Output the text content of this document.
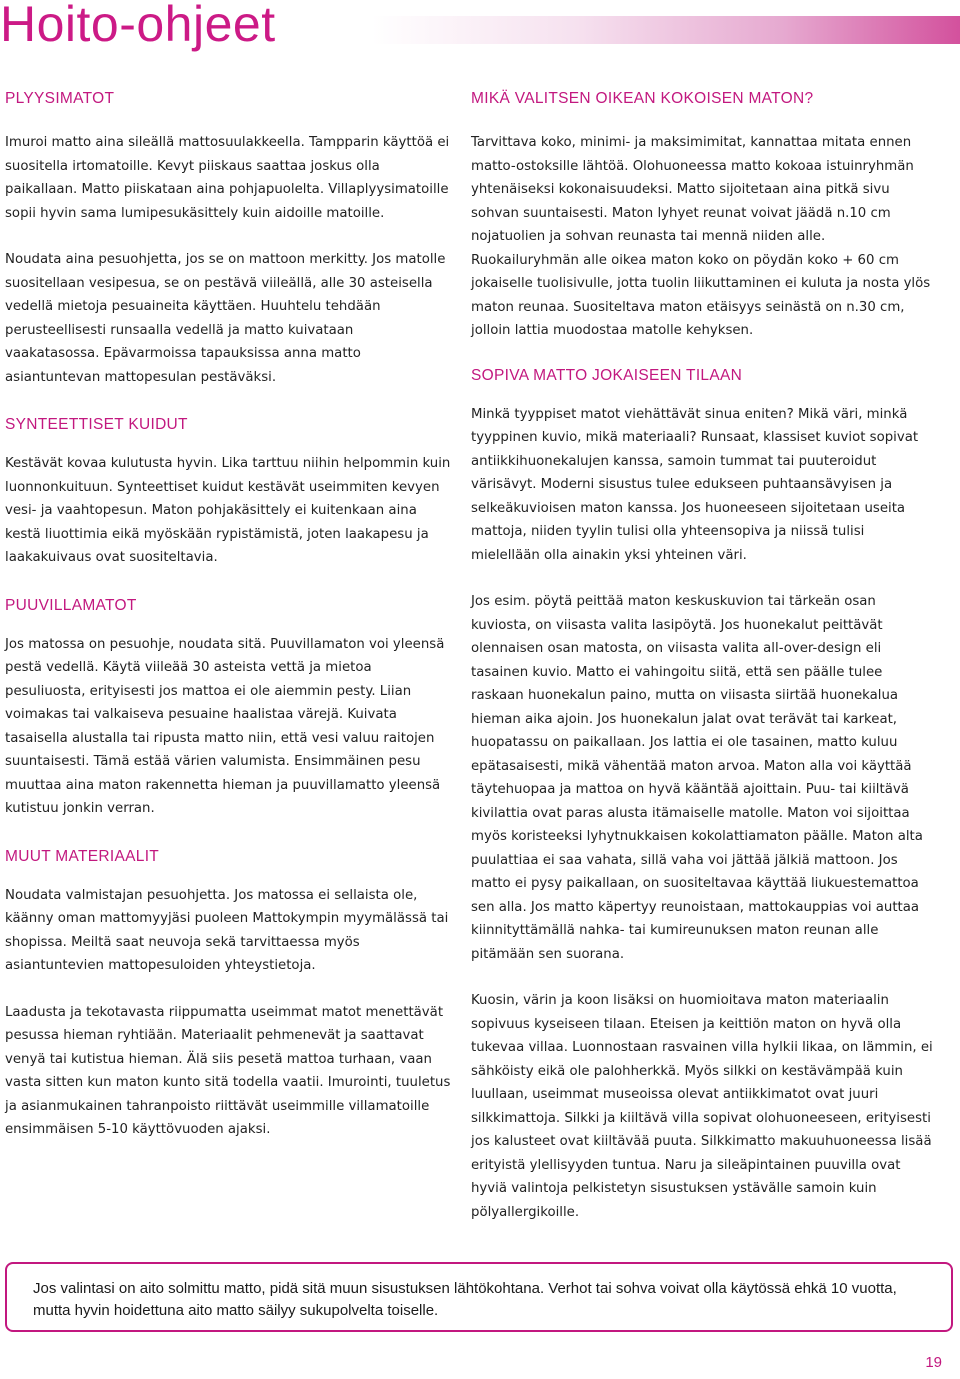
Hoito-ohjeet
PLYYSIMATOT

Imuroi matto aina sileällä mattosuulakkeella. Tampparin käyttöä ei suositella irtomatoille. Kevyt piiskaus saattaa joskus olla paikallaan. Matto piiskataan aina pohjapuolelta. Villaplyysimatoille sopii hyvin sama lumipesukäsittely kuin aidoille matoille.

Noudata aina pesuohjetta, jos se on mattoon merkitty. Jos matolle suositellaan vesipesua, se on pestävä viileällä, alle 30 asteisella vedellä mietoja pesuaineita käyttäen. Huuhtelu tehdään perusteellisesti runsaalla vedellä ja matto kuivataan vaakatasossa. Epävarmoissa tapauksissa anna matto asiantuntevan mattopesulan pestäväksi.

SYNTEETTISET KUIDUT

Kestävät kovaa kulutusta hyvin. Lika tarttuu niihin helpommin kuin luonnonkuituun. Synteettiset kuidut kestävät useimmiten kevyen vesi- ja vaahtopesun. Maton pohjakäsittely ei kuitenkaan aina kestä liuottimia eikä myöskään rypistämistä, joten laakapesu ja laakakuivaus ovat suositeltavia.

PUUVILLAMATOT

Jos matossa on pesuohje, noudata sitä. Puuvillamaton voi yleensä pestä vedellä. Käytä viileää 30 asteista vettä ja mietoa pesuliuosta, erityisesti jos mattoa ei ole aiemmin pesty. Liian voimakas tai valkaiseva pesuaine haalistaa värejä. Kuivata tasaisella alustalla tai ripusta matto niin, että vesi valuu raitojen suuntaisesti. Tämä estää värien valumista. Ensimmäinen pesu muuttaa aina maton rakennetta hieman ja puuvillamatto yleensä kutistuu jonkin verran.

MUUT MATERIAALIT

Noudata valmistajan pesuohjetta. Jos matossa ei sellaista ole, käänny oman mattomyyjäsi puoleen Mattokympin myymälässä tai shopissa. Meiltä saat neuvoja sekä tarvittaessa myös asiantuntevien mattopesuloiden yhteystietoja.

Laadusta ja tekotavasta riippumatta useimmat matot menettävät pesussa hieman ryhtiään. Materiaalit pehmenevät ja saattavat venyä tai kutistua hieman. Älä siis pesetä mattoa turhaan, vaan vasta sitten kun maton kunto sitä todella vaatii. Imurointi, tuuletus ja asianmukainen tahranpoisto riittävät useimmille villamatoille ensimmäisen 5-10 käyttövuoden ajaksi.

MIKÄ VALITSEN OIKEAN KOKOISEN MATON?

Tarvittava koko, minimi- ja maksimimitat, kannattaa mitata ennen matto-ostoksille lähtöä. Olohuoneessa matto kokoaa istuinryhmän yhtenäiseksi kokonaisuudeksi. Matto sijoitetaan aina pitkä sivu sohvan suuntaisesti. Maton lyhyet reunat voivat jäädä n.10 cm nojatuolien ja sohvan reunasta tai mennä niiden alle. Ruokailuryhmän alle oikea maton koko on pöydän koko + 60 cm jokaiselle tuolisivulle, jotta tuolin liikuttaminen ei kuluta ja nosta ylös maton reunaa. Suositeltava maton etäisyys seinästä on n.30 cm, jolloin lattia muodostaa matolle kehyksen.

SOPIVA MATTO JOKAISEEN TILAAN

Minkä tyyppiset matot viehättävät sinua eniten? Mikä väri, minkä tyyppinen kuvio, mikä materiaali? Runsaat, klassiset kuviot sopivat antiikkihuonekalujen kanssa, samoin tummat tai puuteroidut värisävyt. Moderni sisustus tulee edukseen puhtaansävyisen ja selkeäkuvioisen maton kanssa. Jos huoneeseen sijoitetaan useita mattoja, niiden tyylin tulisi olla yhteensopiva ja niissä tulisi mielellään olla ainakin yksi yhteinen väri.

Jos esim. pöytä peittää maton keskuskuvion tai tärkeän osan kuviosta, on viisasta valita lasipöytä. Jos huonekalut peittävät olennaisen osan matosta, on viisasta valita all-over-design eli tasainen kuvio. Matto ei vahingoitu siitä, että sen päälle tulee raskaan huonekalun paino, mutta on viisasta siirtää huonekalua hieman aika ajoin. Jos huonekalun jalat ovat terävät tai karkeat, huopatassu on paikallaan. Jos lattia ei ole tasainen, matto kuluu epätasaisesti, mikä vähentää maton arvoa. Maton alla voi käyttää täytehuopaa ja mattoa on hyvä kääntää ajoittain. Puu- tai kiiltävä kivilattia ovat paras alusta itämaiselle matolle. Maton voi sijoittaa myös koristeeksi lyhytnukkaisen kokolattiamaton päälle. Maton alta puulattiaa ei saa vahata, sillä vaha voi jättää jälkiä mattoon. Jos matto ei pysy paikallaan, on suositeltavaa käyttää liukuestemattoa sen alla. Jos matto käpertyy reunoistaan, mattokauppias voi auttaa kiinnityttämällä nahka- tai kumireunuksen maton reunan alle pitämään sen suorana.

Kuosin, värin ja koon lisäksi on huomioitava maton materiaalin sopivuus kyseiseen tilaan. Eteisen ja keittiön maton on hyvä olla tukevaa villaa. Luonnostaan rasvainen villa hylkii likaa, on lämmin, ei sähköisty eikä ole palohherkkä. Myös silkki on kestävämpää kuin luullaan, useimmat museoissa olevat antiikkimatot ovat juuri silkkimattoja. Silkki ja kiiltävä villa sopivat olohuoneeseen, erityisesti jos kalusteet ovat kiiltävää puuta. Silkkimatto makuuhuoneessa lisää erityistä ylellisyyden tuntua. Naru ja sileäpintainen puuvilla ovat hyviä valintoja pelkistetyn sisustuksen ystävälle samoin kuin pölyallergikoille.

Jos valintasi on aito solmittu matto, pidä sitä muun sisustuksen lähtökohtana. Verhot tai sohva voivat olla käytössä ehkä 10 vuotta, mutta hyvin hoidettuna aito matto säilyy sukupolvelta toiselle.

19
